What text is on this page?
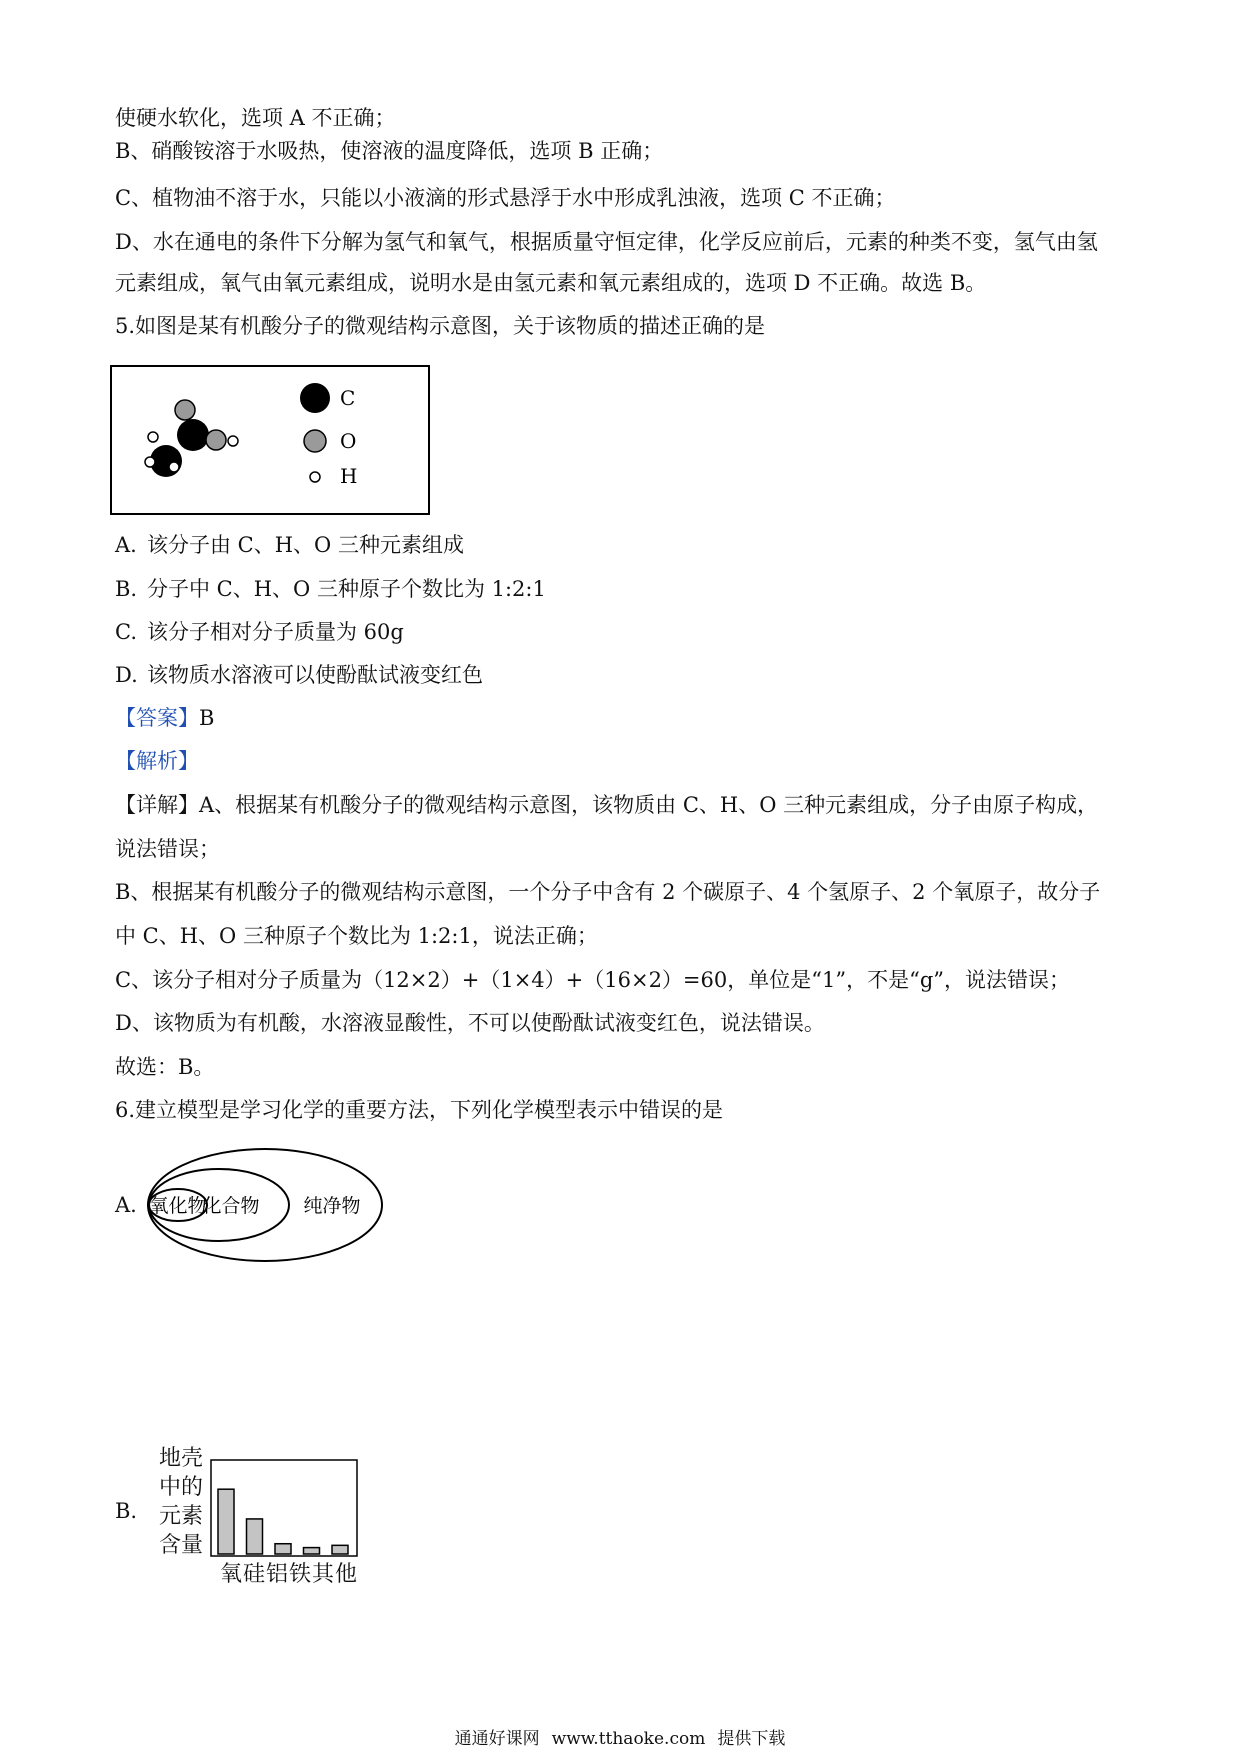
使硬水软化，选项 A 不正确；
B、硝酸铵溶于水吸热，使溶液的温度降低，选项 B 正确；
C、植物油不溶于水，只能以小液滴的形式悬浮于水中形成乳浊液，选项 C 不正确；
D、水在通电的条件下分解为氢气和氧气，根据质量守恒定律，化学反应前后，元素的种类不变，氢气由氢
元素组成，氧气由氧元素组成，说明水是由氢元素和氧元素组成的，选项 D 不正确。故选 B。
5.如图是某有机酸分子的微观结构示意图，关于该物质的描述正确的是
C
O
H
A. 该分子由 C、H、O 三种元素组成
B. 分子中 C、H、O 三种原子个数比为 1:2:1
C. 该分子相对分子质量为 60g
D. 该物质水溶液可以使酚酞试液变红色
【答案】B
【解析】
【详解】A、根据某有机酸分子的微观结构示意图，该物质由 C、H、O 三种元素组成，分子由原子构成，
说法错误；
B、根据某有机酸分子的微观结构示意图，一个分子中含有 2 个碳原子、4 个氢原子、2 个氧原子，故分子
中 C、H、O 三种原子个数比为 1:2:1，说法正确；
C、该分子相对分子质量为（12×2）+（1×4）+（16×2）=60，单位是“1”，不是“g”，说法错误；
D、该物质为有机酸，水溶液显酸性，不可以使酚酞试液变红色，说法错误。
故选：B。
6.建立模型是学习化学的重要方法，下列化学模型表示中错误的是
A. 氧化物
化合物 纯净物
B.
地壳
中的
元素
含量
氧硅铝铁其他
通通好课网 www.tthaoke.com 提供下载
